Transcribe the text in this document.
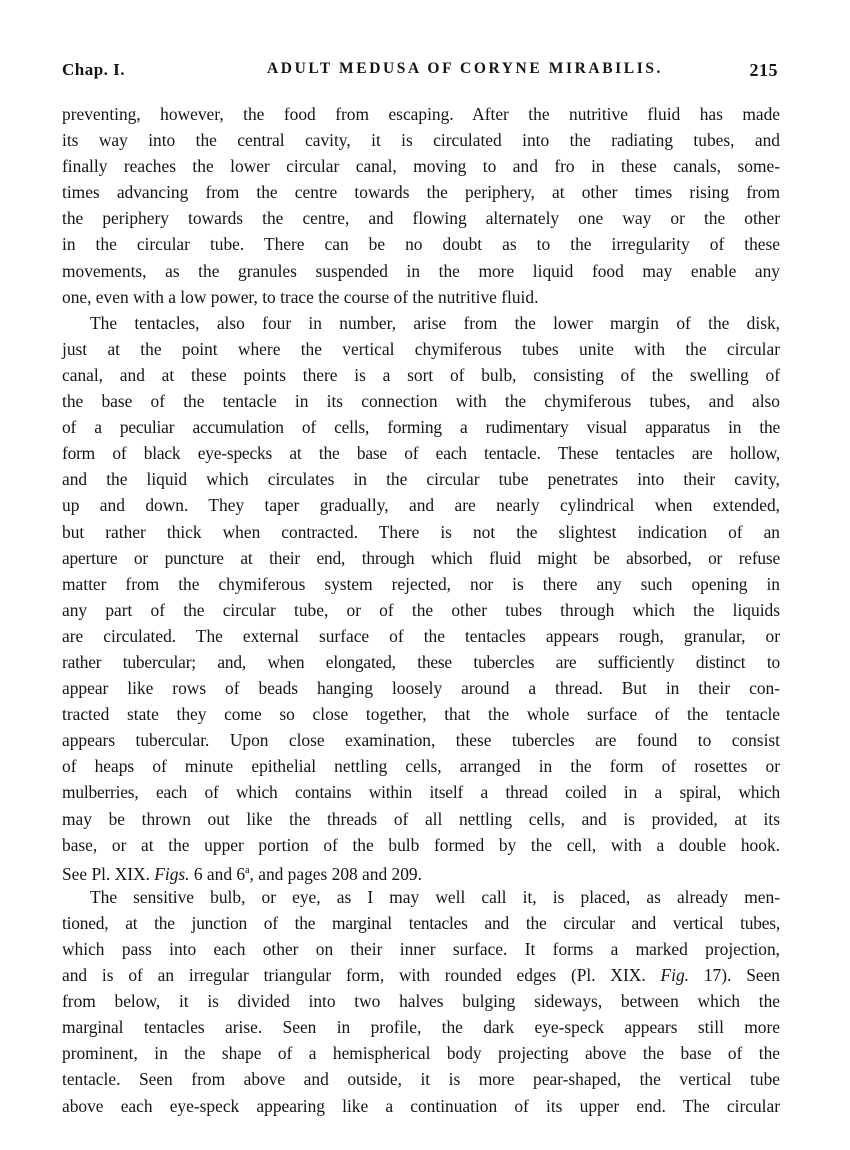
Chap. I.	ADULT MEDUSA OF CORYNE MIRABILIS.	215
preventing, however, the food from escaping. After the nutritive fluid has made
its way into the central cavity, it is circulated into the radiating tubes, and
finally reaches the lower circular canal, moving to and fro in these canals, some-
times advancing from the centre towards the periphery, at other times rising from
the periphery towards the centre, and flowing alternately one way or the other
in the circular tube. There can be no doubt as to the irregularity of these
movements, as the granules suspended in the more liquid food may enable any
one, even with a low power, to trace the course of the nutritive fluid.
The tentacles, also four in number, arise from the lower margin of the disk,
just at the point where the vertical chymiferous tubes unite with the circular
canal, and at these points there is a sort of bulb, consisting of the swelling of
the base of the tentacle in its connection with the chymiferous tubes, and also
of a peculiar accumulation of cells, forming a rudimentary visual apparatus in the
form of black eye-specks at the base of each tentacle. These tentacles are hollow,
and the liquid which circulates in the circular tube penetrates into their cavity,
up and down. They taper gradually, and are nearly cylindrical when extended,
but rather thick when contracted. There is not the slightest indication of an
aperture or puncture at their end, through which fluid might be absorbed, or refuse
matter from the chymiferous system rejected, nor is there any such opening in
any part of the circular tube, or of the other tubes through which the liquids
are circulated. The external surface of the tentacles appears rough, granular, or
rather tubercular; and, when elongated, these tubercles are sufficiently distinct to
appear like rows of beads hanging loosely around a thread. But in their con-
tracted state they come so close together, that the whole surface of the tentacle
appears tubercular. Upon close examination, these tubercles are found to consist
of heaps of minute epithelial nettling cells, arranged in the form of rosettes or
mulberries, each of which contains within itself a thread coiled in a spiral, which
may be thrown out like the threads of all nettling cells, and is provided, at its
base, or at the upper portion of the bulb formed by the cell, with a double hook.
See Pl. XIX. Figs. 6 and 6$^a$, and pages 208 and 209.
The sensitive bulb, or eye, as I may well call it, is placed, as already men-
tioned, at the junction of the marginal tentacles and the circular and vertical tubes,
which pass into each other on their inner surface. It forms a marked projection,
and is of an irregular triangular form, with rounded edges (Pl. XIX. Fig. 17). Seen
from below, it is divided into two halves bulging sideways, between which the
marginal tentacles arise. Seen in profile, the dark eye-speck appears still more
prominent, in the shape of a hemispherical body projecting above the base of the
tentacle. Seen from above and outside, it is more pear-shaped, the vertical tube
above each eye-speck appearing like a continuation of its upper end. The circular
